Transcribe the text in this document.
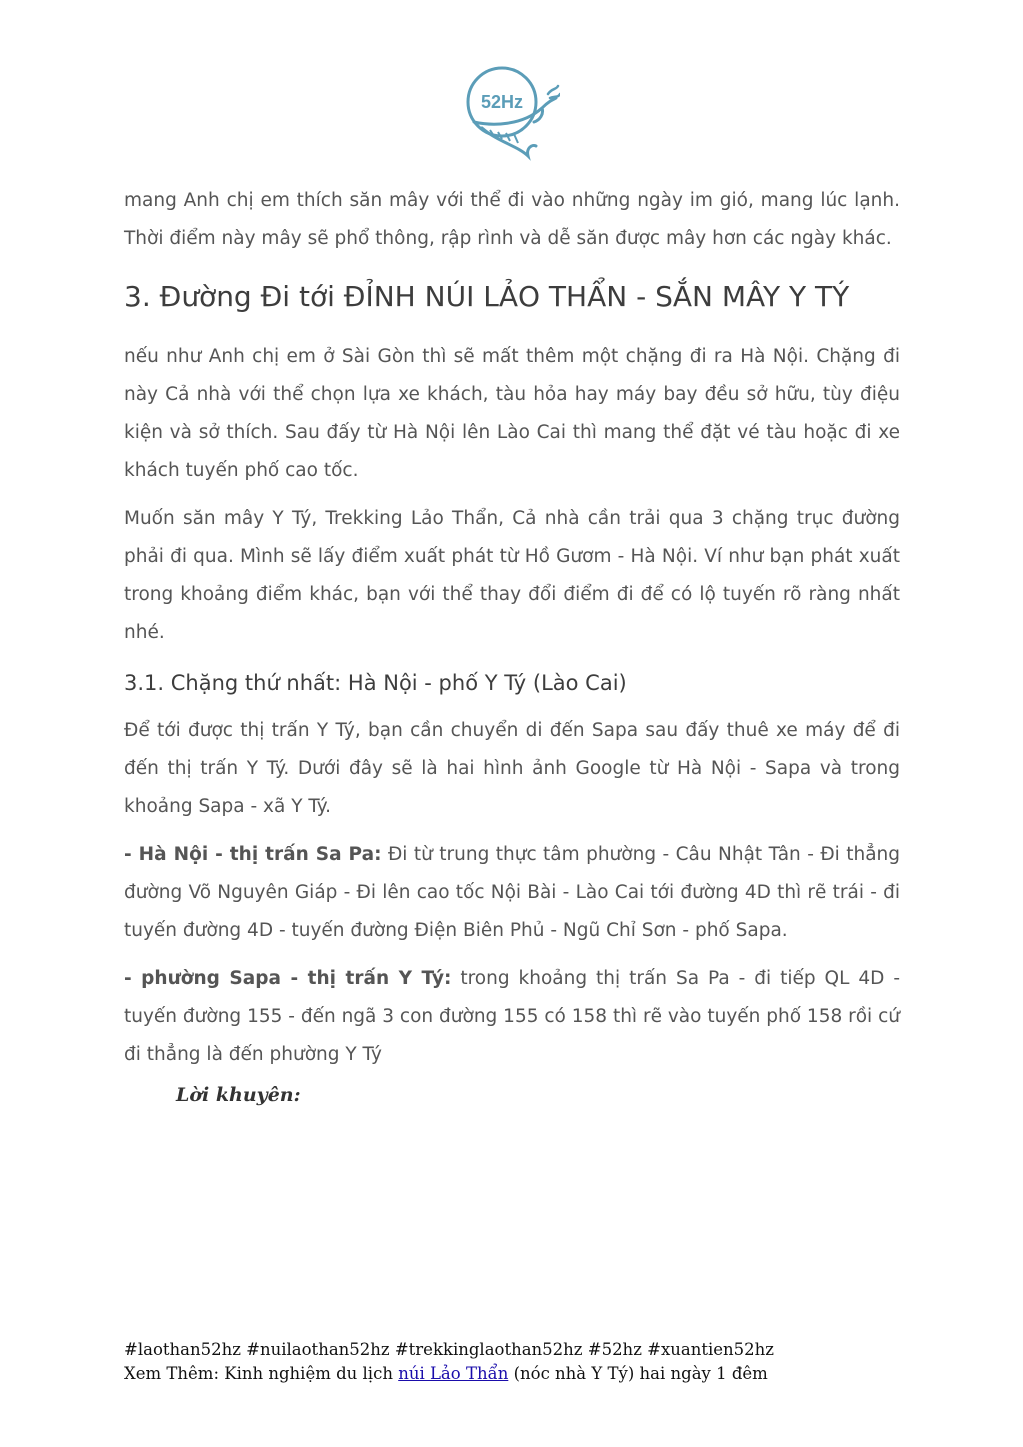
52Hz

mang Anh chị em thích săn mây với thể đi vào những ngày im gió, mang lúc lạnh. Thời điểm này mây sẽ phổ thông, rập rình và dễ săn được mây hơn các ngày khác.

3. Đường Đi tới ĐỈNH NÚI LẢO THẨN - SẮN MÂY Y TÝ

nếu như Anh chị em ở Sài Gòn thì sẽ mất thêm một chặng đi ra Hà Nội. Chặng đi này Cả nhà với thể chọn lựa xe khách, tàu hỏa hay máy bay đều sở hữu, tùy điệu kiện và sở thích. Sau đấy từ Hà Nội lên Lào Cai thì mang thể đặt vé tàu hoặc đi xe khách tuyến phố cao tốc.

Muốn săn mây Y Tý, Trekking Lảo Thẩn, Cả nhà cần trải qua 3 chặng trục đường phải đi qua. Mình sẽ lấy điểm xuất phát từ Hồ Gươm - Hà Nội. Ví như bạn phát xuất trong khoảng điểm khác, bạn với thể thay đổi điểm đi để có lộ tuyến rõ ràng nhất nhé.

3.1. Chặng thứ nhất: Hà Nội - phố Y Tý (Lào Cai)

Để tới được thị trấn Y Tý, bạn cần chuyển di đến Sapa sau đấy thuê xe máy để đi đến thị trấn Y Tý. Dưới đây sẽ là hai hình ảnh Google từ Hà Nội - Sapa và trong khoảng Sapa - xã Y Tý.

- Hà Nội - thị trấn Sa Pa: Đi từ trung thực tâm phường - Câu Nhật Tân - Đi thẳng đường Võ Nguyên Giáp - Đi lên cao tốc Nội Bài - Lào Cai tới đường 4D thì rẽ trái - đi tuyến đường 4D - tuyến đường Điện Biên Phủ - Ngũ Chỉ Sơn - phố Sapa.

- phường Sapa - thị trấn Y Tý: trong khoảng thị trấn Sa Pa - đi tiếp QL 4D - tuyến đường 155 - đến ngã 3 con đường 155 có 158 thì rẽ vào tuyến phố 158 rồi cứ đi thẳng là đến phường Y Tý

Lời khuyên:
#laothan52hz #nuilaothan52hz #trekkinglaothan52hz #52hz #xuantien52hz
Xem Thêm: Kinh nghiệm du lịch núi Lảo Thẩn (nóc nhà Y Tý) hai ngày 1 đêm
